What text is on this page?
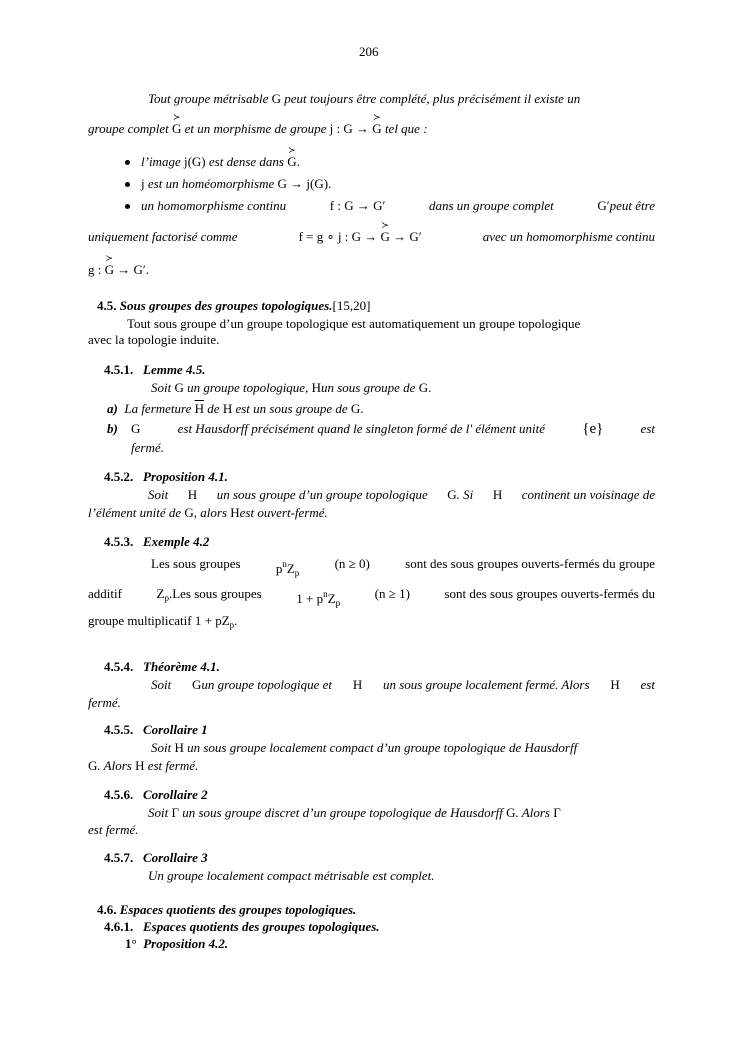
206
Tout groupe métrisable G peut toujours être complété, plus précisément il existe un
groupe complet ≻ G et un morphisme de groupe j : G → ≻ G tel que :
l’image j(G) est dense dans ≻ G.
j est un homéomorphisme G → j(G).
un homomorphisme continu	f : G → G′	dans un groupe complet	G′peut être
uniquement factorisé comme	f = g ∘ j : G → ≻ G → G′	avec un homomorphisme continu
g : ≻ G → G′.
4.5. Sous groupes des groupes topologiques.[15,20]
Tout sous groupe d’un groupe topologique est automatiquement un groupe topologique
avec la topologie induite.
4.5.1. Lemme 4.5.
Soit G un groupe topologique, Hun sous groupe de G.
a) La fermeture $\overline{H}$ de H est un sous groupe de G.
b) G	est Hausdorff précisément quand le singleton formé de l' élément unité {e}	est
fermé.
4.5.2. Proposition 4.1.
Soit H un sous groupe d’un groupe topologique G. Si H continent un voisinage de
l’élément unité de G, alors Hest ouvert-fermé.
4.5.3. Exemple 4.2
Les sous groupes	$p^nZ_p$
(n ≥ 0)	sont des sous groupes ouverts-fermés du groupe
additif	$Z_p.Les$ sous groupes	$1 + p^nZ_p$
(n ≥ 1)	sont des sous groupes ouverts-fermés du
groupe multiplicatif $1 + pZ_p$.
4.5.4. Théorème 4.1.
Soit Gun groupe topologique et H un sous groupe localement fermé. Alors H est
fermé.
4.5.5. Corollaire 1
Soit H un sous groupe localement compact d’un groupe topologique de Hausdorff
G. Alors H est fermé.
4.5.6. Corollaire 2
Soit Γ un sous groupe discret d’un groupe topologique de Hausdorff G. Alors Γ
est fermé.
4.5.7. Corollaire 3
Un groupe localement compact métrisable est complet.
4.6. Espaces quotients des groupes topologiques.
4.6.1. Espaces quotients des groupes topologiques.
1° Proposition 4.2.
